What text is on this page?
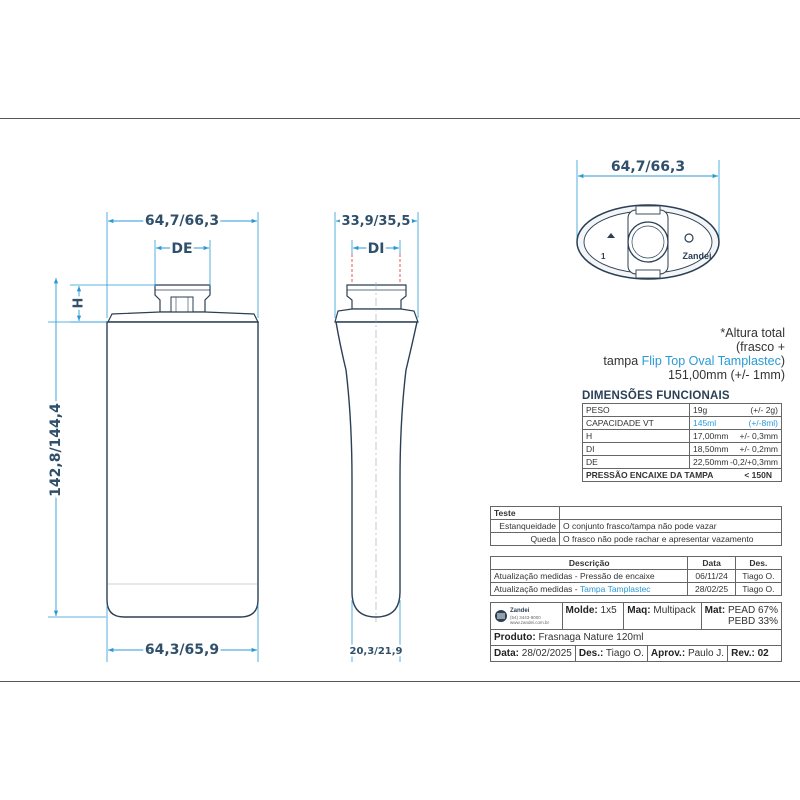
64,7/66,3
DE
H
142,8/144,4
64,3/65,9
33,9/35,5
DI
20,3/21,9
64,7/66,3
1	Zandei
*Altura total
(frasco +
tampa Flip Top Oval Tamplastec)
151,00mm (+/- 1mm)
DIMENSÕES FUNCIONAIS
PESO	19g (+/- 2g)

CAPACIDADE VT	145ml (+/-8ml)

H	17,00mm +/- 0,3mm

DI	18,50mm +/- 0,2mm

DE	22,50mm -0,2/+0,3mm

PRESSÃO ENCAIXE DA TAMPA < 150N	
Teste	
Estanqueidade	O conjunto frasco/tampa não pode vazar
Queda	O frasco não pode rachar e apresentar vazamento
Descrição	Data	Des.
Atualização medidas - Pressão de encaixe	06/11/24	Tiago O.
Atualização medidas - Tampa Tamplastec	28/02/25	Tiago O.
Zandei
(54) 3443-9000
www.zandei.com.br
Molde: 1x5	Maq: Multipack Mat: PEAD 67%
PEBD 33%
Produto: Frasnaga Nature 120ml
Data: 28/02/2025 Des.: Tiago O. Aprov.: Paulo J. Rev.: 02
